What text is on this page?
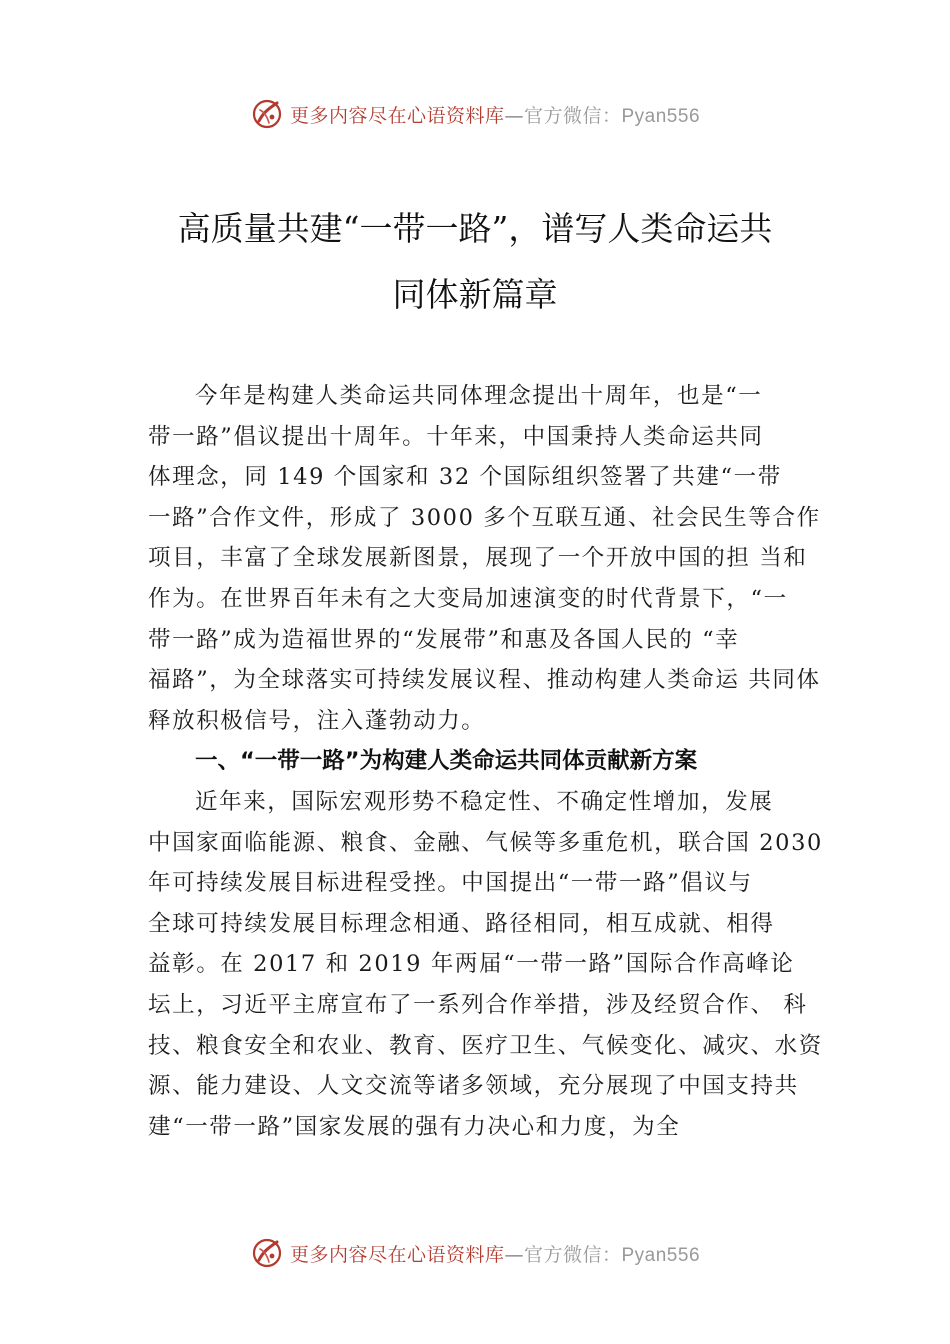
更多内容尽在心语资料库—官方微信：Pyan556
高质量共建“一带一路”，谱写人类命运共
同体新篇章
今年是构建人类命运共同体理念提出十周年，也是“一
带一路”倡议提出十周年。十年来，中国秉持人类命运共同
体理念，同 149 个国家和 32 个国际组织签署了共建“一带
一路”合作文件，形成了 3000 多个互联互通、社会民生等合作
项目，丰富了全球发展新图景，展现了一个开放中国的担 当和
作为。在世界百年未有之大变局加速演变的时代背景下，“一
带一路”成为造福世界的“发展带”和惠及各国人民的 “幸
福路”，为全球落实可持续发展议程、推动构建人类命运 共同体
释放积极信号，注入蓬勃动力。
一、“一带一路”为构建人类命运共同体贡献新方案
近年来，国际宏观形势不稳定性、不确定性增加，发展
中国家面临能源、粮食、金融、气候等多重危机，联合国 2030
年可持续发展目标进程受挫。中国提出“一带一路”倡议与
全球可持续发展目标理念相通、路径相同，相互成就、相得
益彰。在 2017 和 2019 年两届“一带一路”国际合作高峰论
坛上，习近平主席宣布了一系列合作举措，涉及经贸合作、 科
技、粮食安全和农业、教育、医疗卫生、气候变化、减灾、水资
源、能力建设、人文交流等诸多领域，充分展现了中国支持共
建“一带一路”国家发展的强有力决心和力度，为全
更多内容尽在心语资料库—官方微信：Pyan556
